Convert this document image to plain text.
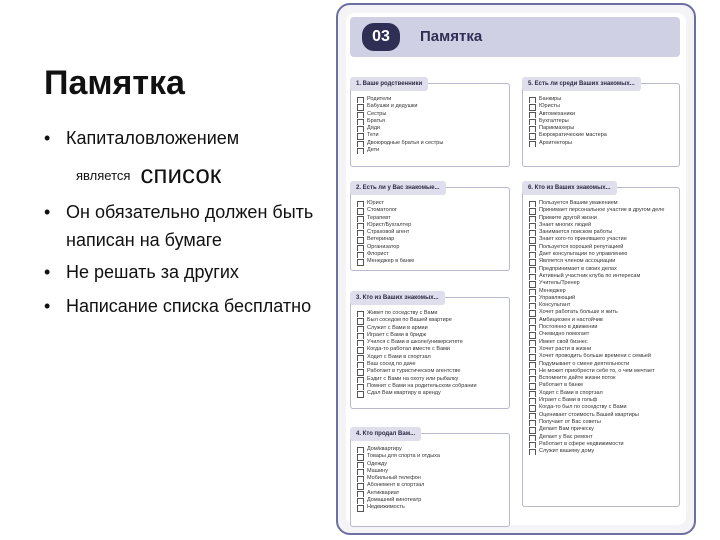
Памятка
• Капиталовложением
является список
• Он обязательно должен быть написан на бумаге
• Не решать за других
• Написание списка бесплатно
03	Памятка
1. Ваше родственники
Родители
Бабушки и дедушки
Сестры
Братья
Дяди
Тети
Двоюродные братья и сестры
Дети
5. Есть ли среди Ваших знакомых...
Банкиры
Юристы
Автомеханики
Бухгалтеры
Парикмахеры
Бюрократические мастера
Архитекторы
2. Есть ли у Вас знакомые...
Юрист
Стоматолог
Терапевт
Юрист/Бухгалтер
Страховой агент
Ветеринар
Организатор
Флорист
Менеджер в банке
6. Кто из Ваших знакомых...
Пользуется Вашим уважением
Принимает персональное участие в другом деле
Примите другой жизни
Знает многих людей
Занимается поиском работы
Знает кого-то принявшего участие
Пользуется хорошей репутацией
Дает консультации по управлению
Является членом ассоциации
Предпринимает в своих делах
Активный участник клуба по интересам
Учитель/Тренер
Менеджер
Управляющий
Консультант
Хочет работать больше и жить
Амбициозен и настойчив
Постоянно в движении
Очевидно помогает
Имеет свой бизнес
Хочет расти в жизни
Хочет проводить больше времени с семьей
Подумывает о смене деятельности
Не может приобрести себе то, о чем мечтает
Вспомните дайте жизни поток
Работает в банке
Ходит с Вами в спортзал
Играет с Вами в гольф
Когда-то был по соседству с Вами
Оценивает стоимость Вашей квартиры
Получает от Вас советы
Делает Вам прическу
Делает у Вас ремонт
Работает в сфере недвижимости
Служит вашему дому
3. Кто из Ваших знакомых...
Живет по соседству с Вами
Был соседом по Вашей квартире
Служит с Вами в армии
Играет с Вами в бридж
Учился с Вами в школе/университете
Когда-то работал вместе с Вами
Ходит с Вами в спортзал
Ваш сосед по даче
Работает в туристическом агентстве
Ездит с Вами на охоту или рыбалку
Помнит с Вами на родительском собрании
Сдал Вам квартиру в аренду
4. Кто продал Вам...
Дом/квартиру
Товары для спорта и отдыха
Одежду
Машину
Мобильный телефон
Абонемент в спортзал
Антиквариат
Домашний кинотеатр
Недвижимость
